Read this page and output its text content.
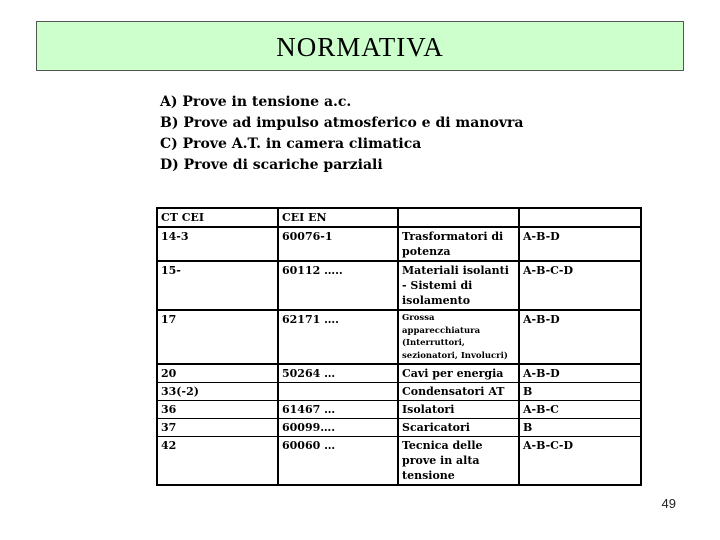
NORMATIVA
A) Prove in tensione a.c.
B) Prove ad impulso atmosferico e di manovra
C) Prove A.T. in camera climatica
D) Prove di scariche parziali
CT CEI	CEI EN		
14-3	60076-1	Trasformatori di potenza	A-B-D
15-	60112 …..	Materiali isolanti - Sistemi di isolamento	A-B-C-D
17	62171 ….	Grossa apparecchiatura (Interruttori, sezionatori, Involucri)	A-B-D
20	50264 …	Cavi per energia	A-B-D
33(-2)		Condensatori AT	B
36	61467 …	Isolatori	A-B-C
37	60099….	Scaricatori	B
42	60060 …	Tecnica delle prove in alta tensione	A-B-C-D
49
